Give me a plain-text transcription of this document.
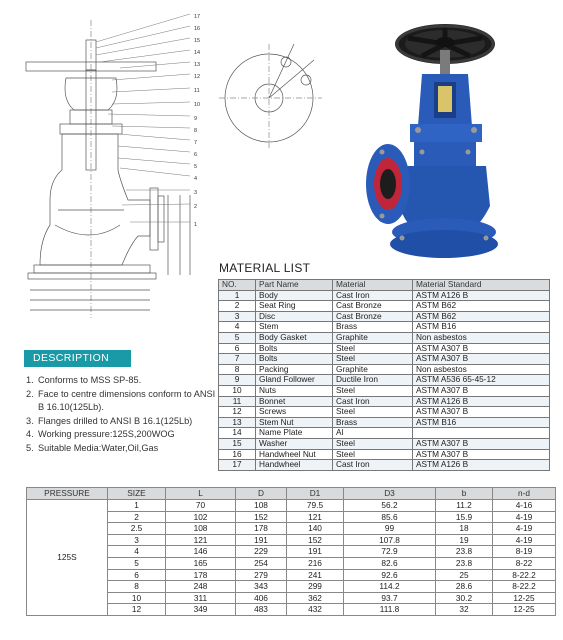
17
16
15
14
13
12
11
10
9
8
7
6
5
4
3
2
1
MATERIAL LIST
NO.	Part Name	Material	Material Standard
1	Body	Cast Iron	ASTM A126 B
2	Seat Ring	Cast Bronze	ASTM B62
3	Disc	Cast Bronze	ASTM B62
4	Stem	Brass	ASTM B16
5	Body Gasket	Graphite	Non asbestos
6	Bolts	Steel	ASTM A307 B
7	Bolts	Steel	ASTM A307 B
8	Packing	Graphite	Non asbestos
9	Gland Follower	Ductile Iron	ASTM A536 65-45-12
10	Nuts	Steel	ASTM A307 B
11	Bonnet	Cast Iron	ASTM A126 B
12	Screws	Steel	ASTM A307 B
13	Stem Nut	Brass	ASTM B16
14	Name Plate	Al	
15	Washer	Steel	ASTM A307 B
16	Handwheel Nut	Steel	ASTM A307 B
17	Handwheel	Cast Iron	ASTM A126 B
DESCRIPTION
1. Conforms to MSS SP-85.
2. Face to centre dimensions conform to ANSI B 16.10(125Lb).
3. Flanges drilled to ANSI B 16.1(125Lb)
4. Working pressure:125S,200WOG
5. Suitable Media:Water,Oil,Gas
PRESSURE	SIZE	L	D	D1	D3	b	n-d
125S	1	70	108	79.5	56.2	11.2	4-16
	2	102	152	121	85.6	15.9	4-19
	2.5	108	178	140	99	18	4-19
	3	121	191	152	107.8	19	4-19
	4	146	229	191	72.9	23.8	8-19
	5	165	254	216	82.6	23.8	8-22
	6	178	279	241	92.6	25	8-22.2
	8	248	343	299	114.2	28.6	8-22.2
	10	311	406	362	93.7	30.2	12-25
	12	349	483	432	111.8	32	12-25
